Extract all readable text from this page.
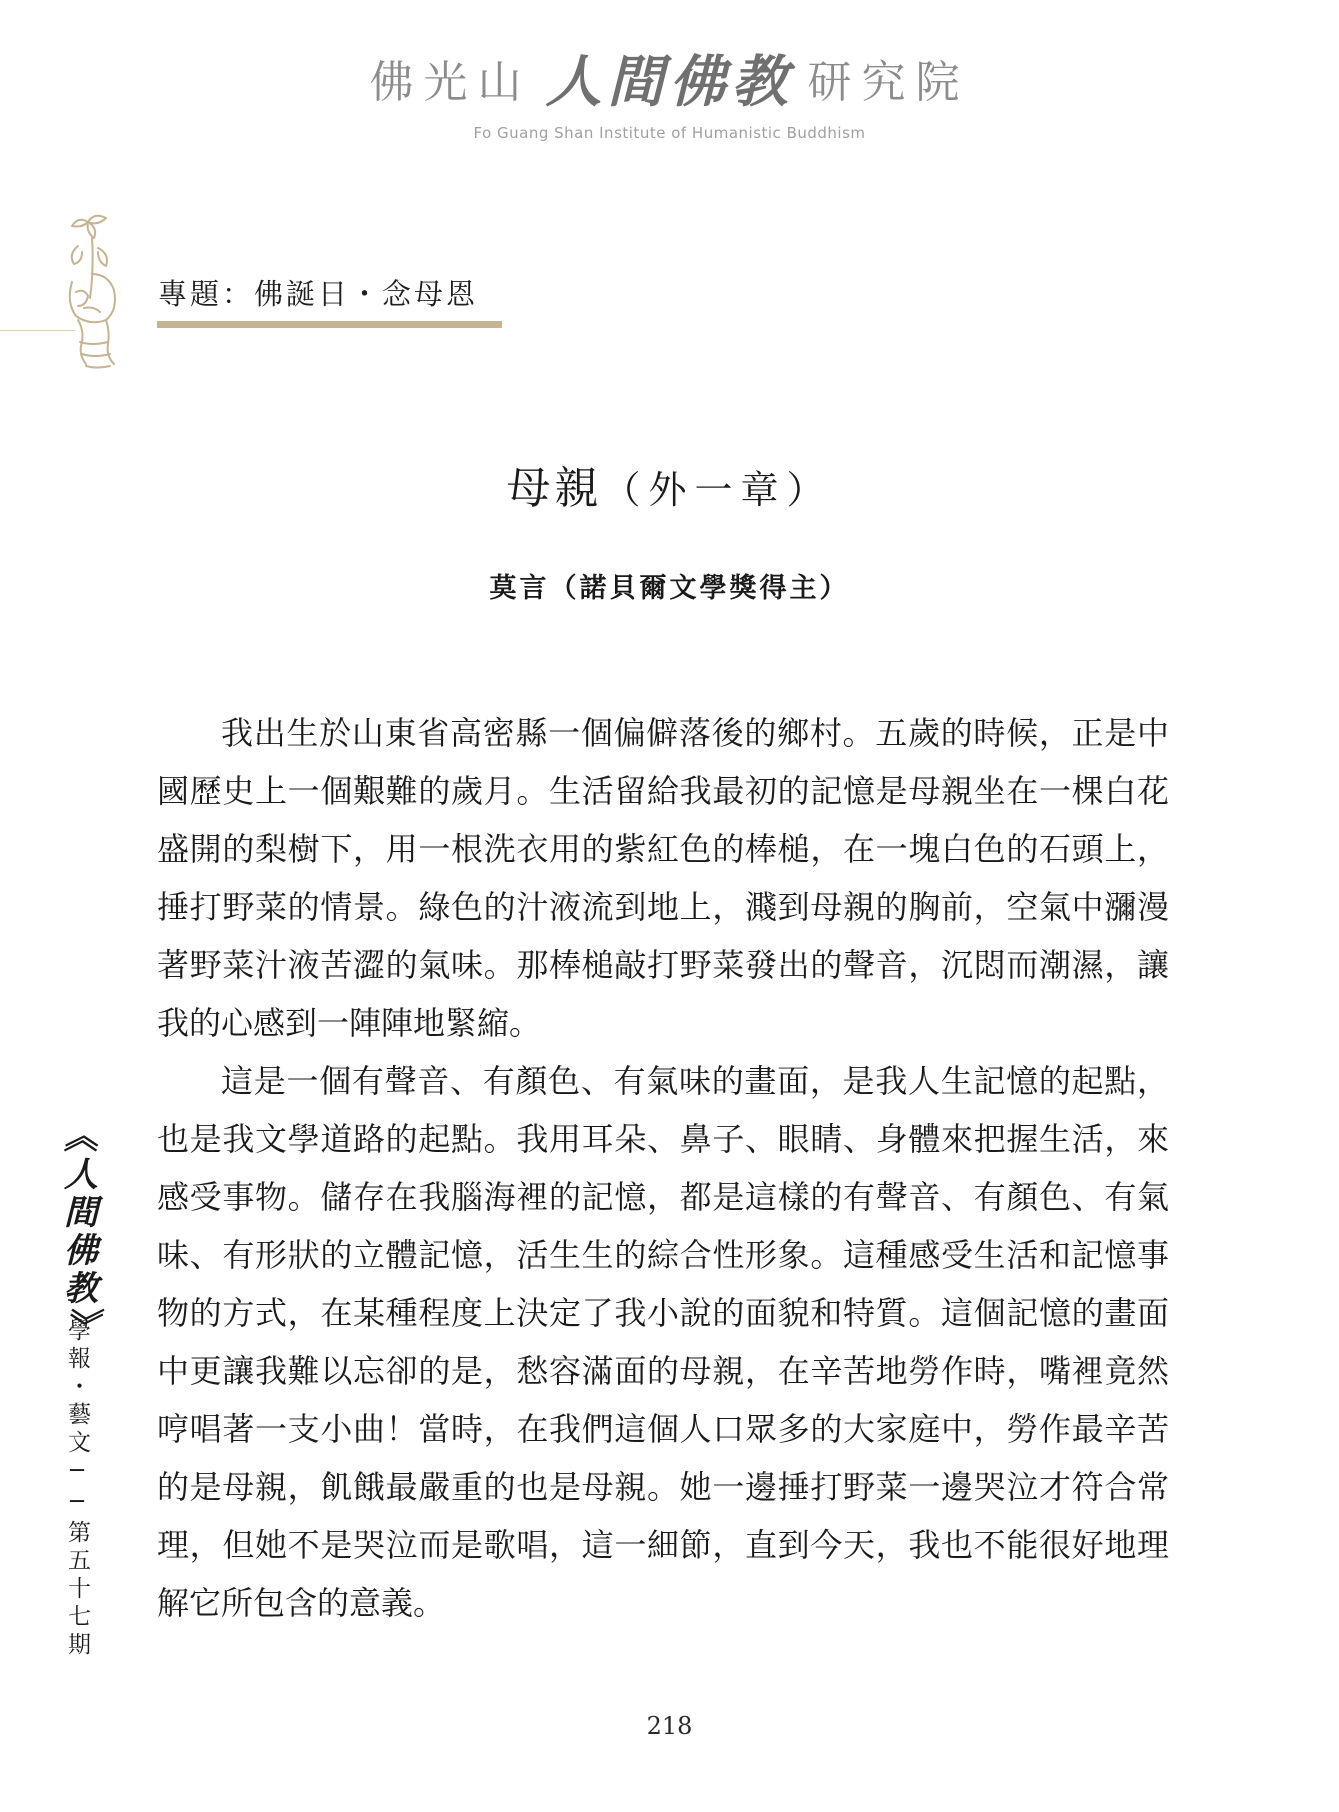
佛光山 人間佛教 研究院
Fo Guang Shan Institute of Humanistic Buddhism
專題：佛誕日・念母恩
母親（外一章）
莫言（諾貝爾文學獎得主）

我出生於山東省高密縣一個偏僻落後的鄉村。五歲的時候，正是中國歷史上一個艱難的歲月。生活留給我最初的記憶是母親坐在一棵白花盛開的梨樹下，用一根洗衣用的紫紅色的棒槌，在一塊白色的石頭上，捶打野菜的情景。綠色的汁液流到地上，濺到母親的胸前，空氣中瀰漫著野菜汁液苦澀的氣味。那棒槌敲打野菜發出的聲音，沉悶而潮濕，讓我的心感到一陣陣地緊縮。

這是一個有聲音、有顏色、有氣味的畫面，是我人生記憶的起點，也是我文學道路的起點。我用耳朵、鼻子、眼睛、身體來把握生活，來感受事物。儲存在我腦海裡的記憶，都是這樣的有聲音、有顏色、有氣味、有形狀的立體記憶，活生生的綜合性形象。這種感受生活和記憶事物的方式，在某種程度上決定了我小說的面貌和特質。這個記憶的畫面中更讓我難以忘卻的是，愁容滿面的母親，在辛苦地勞作時，嘴裡竟然哼唱著一支小曲！當時，在我們這個人口眾多的大家庭中，勞作最辛苦的是母親，飢餓最嚴重的也是母親。她一邊捶打野菜一邊哭泣才符合常理，但她不是哭泣而是歌唱，這一細節，直到今天，我也不能很好地理解它所包含的意義。

《人間佛教》
學報・藝文──第五十七期
218
